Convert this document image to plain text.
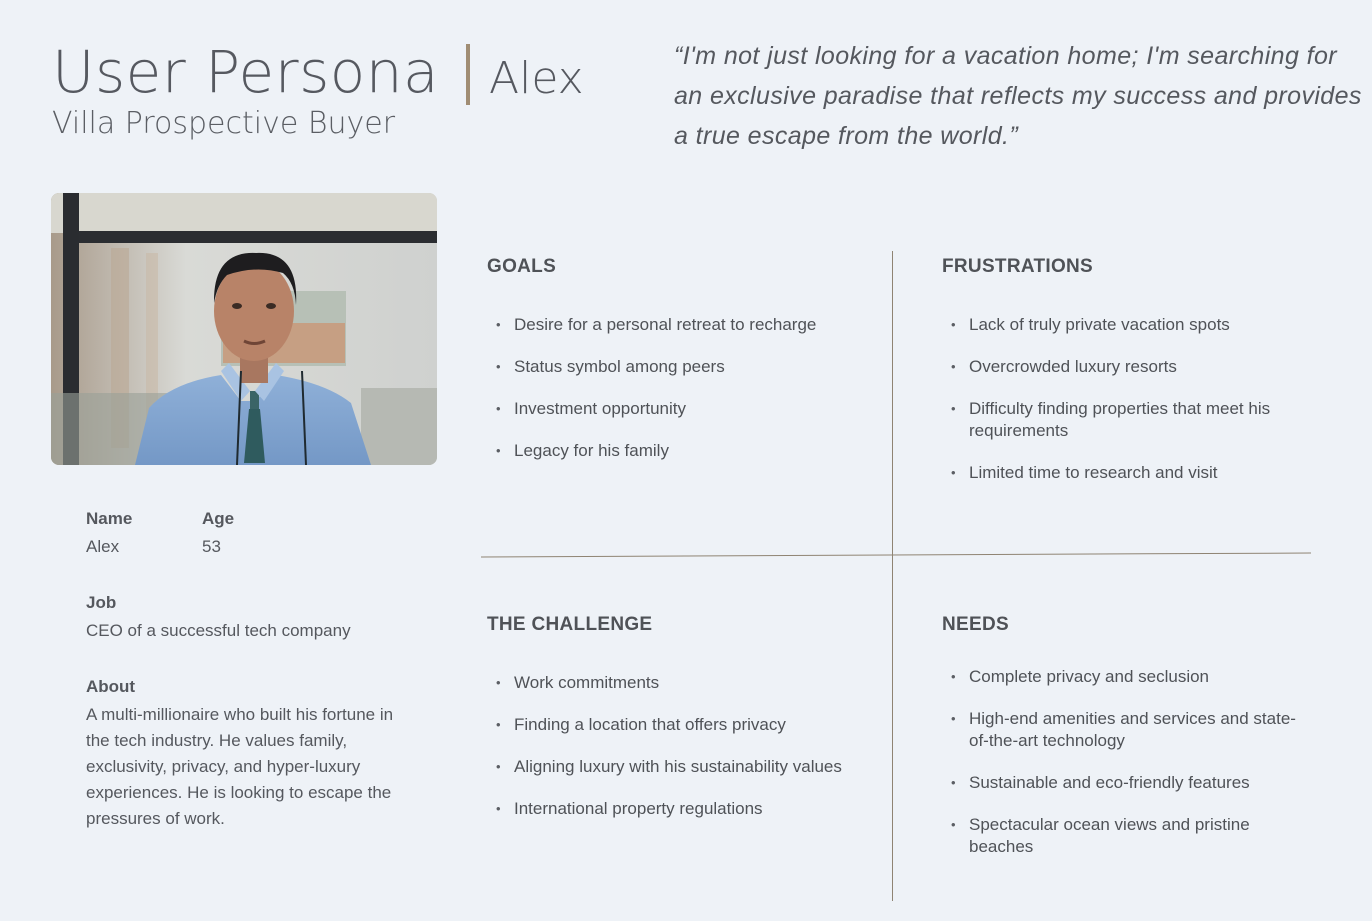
User Persona Alex
Villa Prospective Buyer
“I'm not just looking for a vacation home; I'm searching for an exclusive paradise that reflects my success and provides a true escape from the world.”
Name
Alex
Age
53
Job
CEO of a successful tech company
About
A multi-millionaire who built his fortune in the tech industry. He values family, exclusivity, privacy, and hyper-luxury experiences. He is looking to escape the pressures of work.
GOALS
• Desire for a personal retreat to recharge
• Status symbol among peers
• Investment opportunity
• Legacy for his family
FRUSTRATIONS
• Lack of truly private vacation spots
• Overcrowded luxury resorts
• Difficulty finding properties that meet his requirements
• Limited time to research and visit
THE CHALLENGE
• Work commitments
• Finding a location that offers privacy
• Aligning luxury with his sustainability values
• International property regulations
NEEDS
• Complete privacy and seclusion
• High-end amenities and services and state-of-the-art technology
• Sustainable and eco-friendly features
• Spectacular ocean views and pristine beaches
